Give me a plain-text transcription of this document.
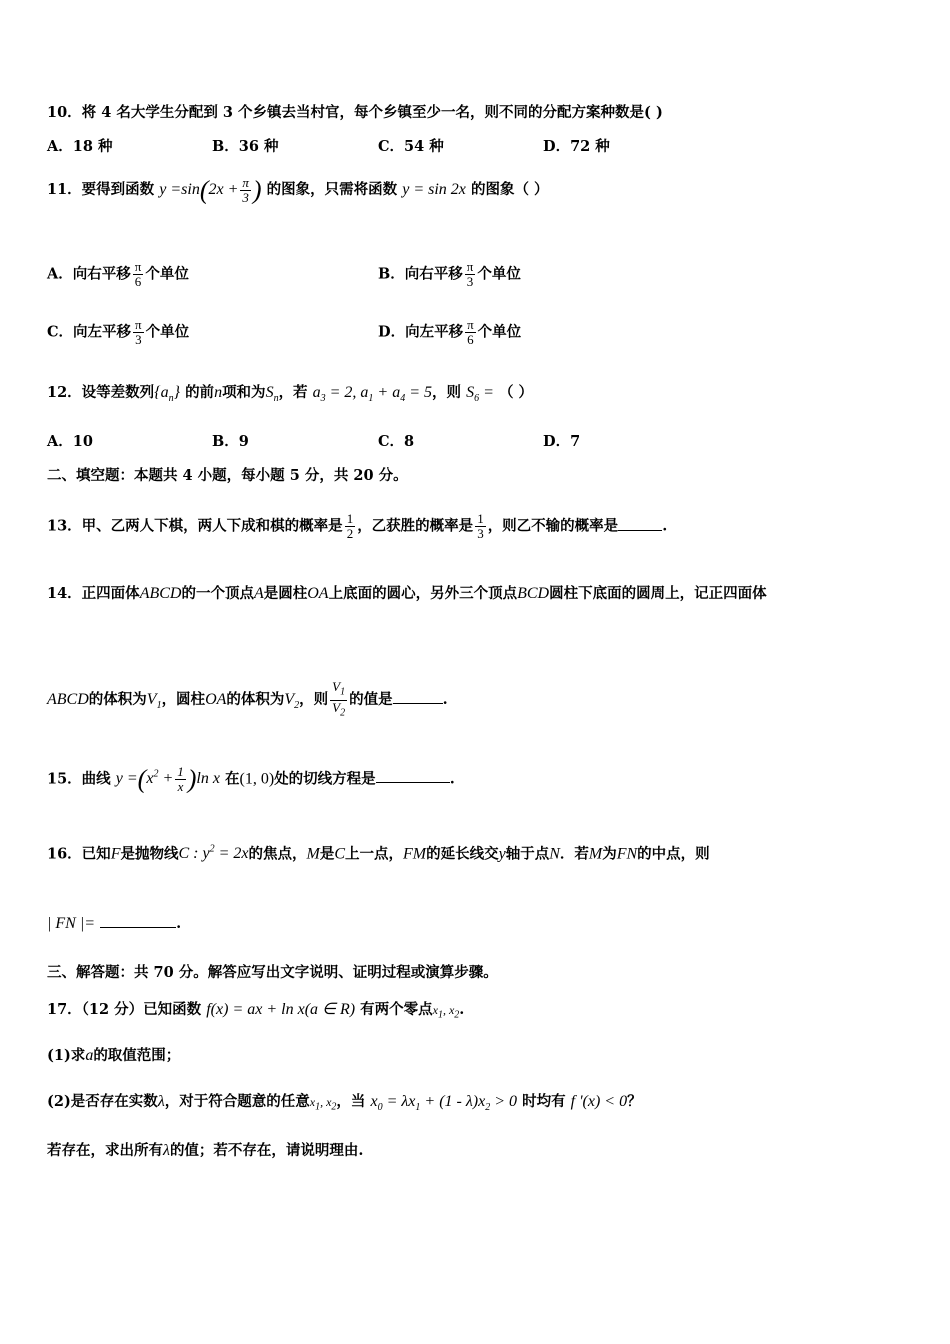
10．将 4 名大学生分配到 3 个乡镇去当村官，每个乡镇至少一名，则不同的分配方案种数是( )
A．18 种	B．36 种	C．54 种	D．72 种
11．要得到函数 $y =\sin(2x + \frac{\pi}{3}$ ) 的图象，只需将函数 y = sin 2x 的图象（ ）
A．向右平移 $\frac{\pi}{6}$ 个单位	B．向右平移 $\frac{\pi}{3}$ 个单位
C．向左平移 $\frac{\pi}{3}$ 个单位	D．向左平移 $\frac{\pi}{6}$ 个单位
12．设等差数列$\{a_n\}$ 的前n项和为$S_n$，若 $a_3 = 2$, $a_1 + a_4 = 5$，则 $S_6$ = （ ）
A．10	B．9	C．8	D．7
二、填空题：本题共 4 小题，每小题 5 分，共 20 分。
13．甲、乙两人下棋，两人下成和棋的概率是 $\frac{1}{2}$ ，乙获胜的概率是 $\frac{1}{3}$ ，则乙不输的概率是	.
14．正四面体ABCD的一个顶点A是圆柱OA上底面的圆心，另外三个顶点BCD圆柱下底面的圆周上，记正四面体
ABCD的体积为$V_1$，圆柱OA的体积为$V_2$，则 $\frac{V_1}{V_2}$ 的值是	.
15．曲线 $y =(x^2 + \frac{1}{x} )\ln$ x 在(1, 0)处的切线方程是	.
16．已知F是抛物线C : $y^2 = 2x$的焦点，M是C上一点，FM的延长线交y轴于点N．若M为FN的中点，则
| FN |=	.
三、解答题：共 70 分。解答应写出文字说明、证明过程或演算步骤。
17．（12 分）已知函数 f(x) = ax + ln x(a ∈ R) 有两个零点$x_1$, $x_2$.
(1)求a的取值范围；
(2)是否存在实数λ，对于符合题意的任意$x_1$, $x_2$，当 $x_0 = \lambda x_1 + (1 - \lambda)x_2 > 0$ 时均有 f '(x) < 0？
若存在，求出所有λ的值；若不存在，请说明理由.
